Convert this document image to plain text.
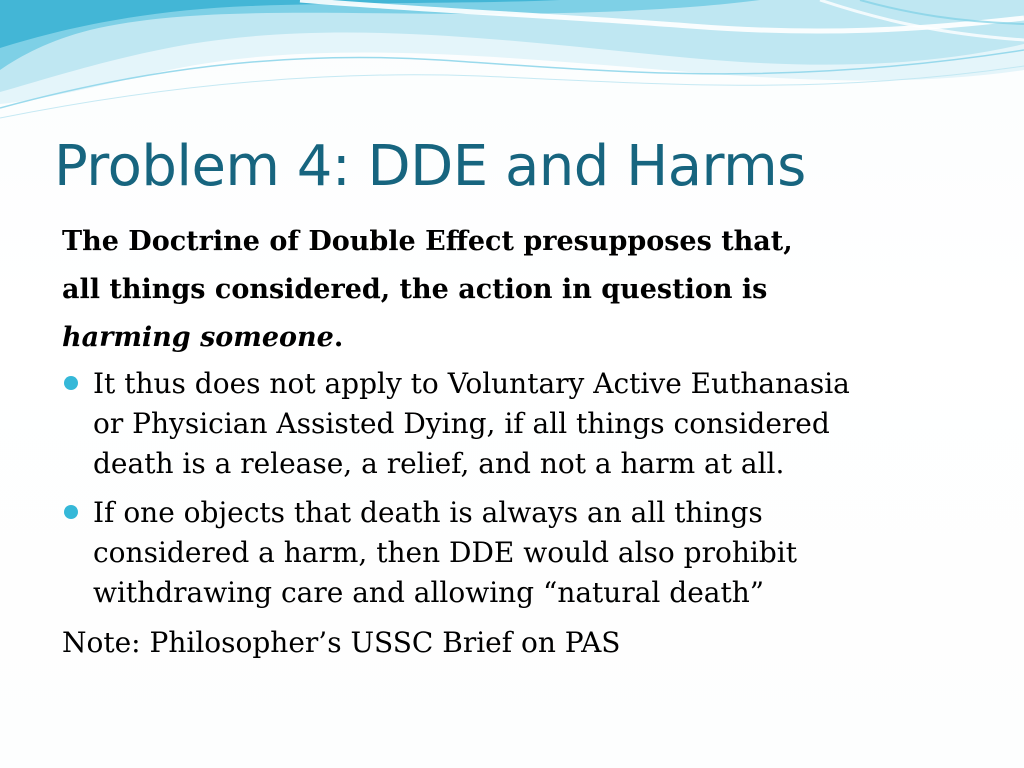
Problem 4: DDE and Harms

The Doctrine of Double Effect presupposes that,
all things considered, the action in question is
harming someone.

It thus does not apply to Voluntary Active Euthanasia
or Physician Assisted Dying, if all things considered
death is a release, a relief, and not a harm at all.
If one objects that death is always an all things
considered a harm, then DDE would also prohibit
withdrawing care and allowing “natural death”

Note: Philosopher’s USSC Brief on PAS
